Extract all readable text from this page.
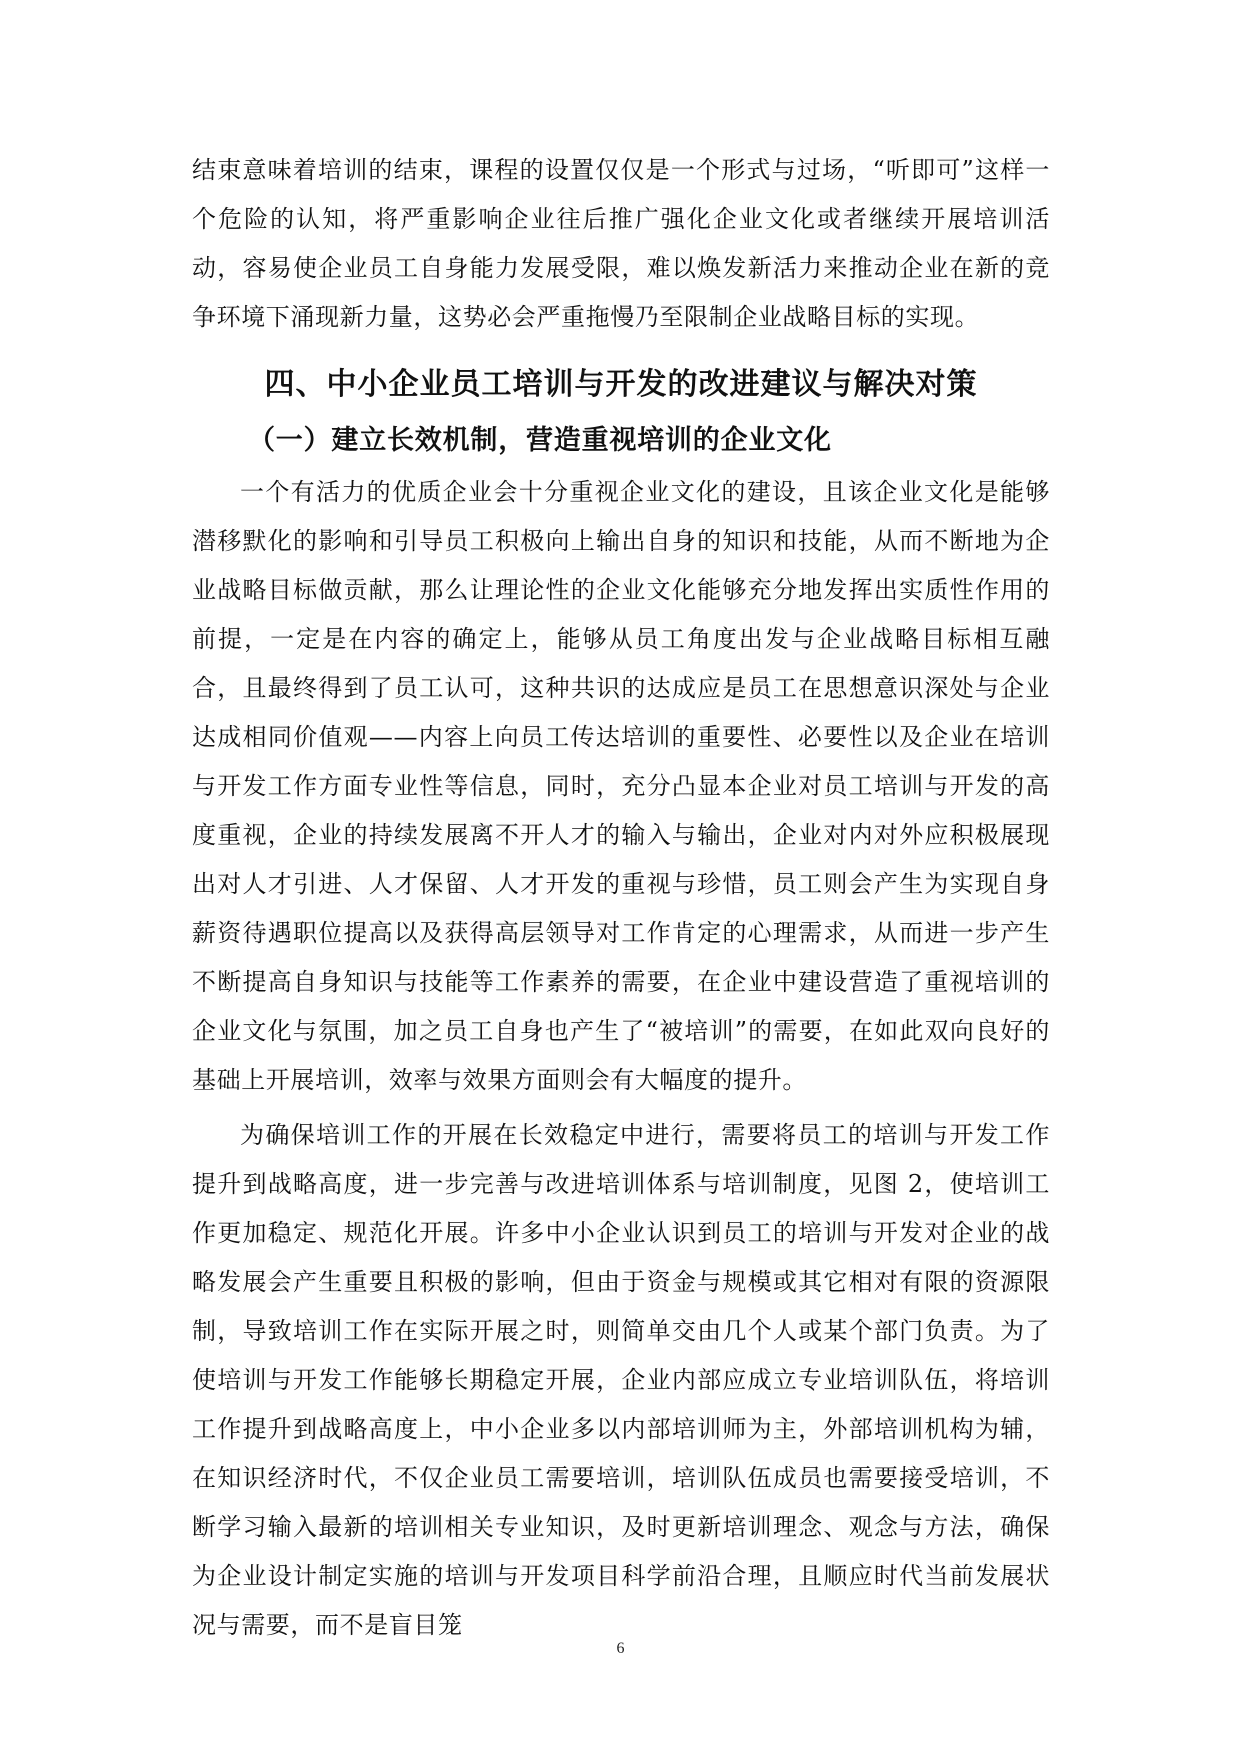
结束意味着培训的结束，课程的设置仅仅是一个形式与过场，“听即可”这样一个危险的认知，将严重影响企业往后推广强化企业文化或者继续开展培训活动，容易使企业员工自身能力发展受限，难以焕发新活力来推动企业在新的竞争环境下涌现新力量，这势必会严重拖慢乃至限制企业战略目标的实现。

四、中小企业员工培训与开发的改进建议与解决对策
（一）建立长效机制，营造重视培训的企业文化

一个有活力的优质企业会十分重视企业文化的建设，且该企业文化是能够潜移默化的影响和引导员工积极向上输出自身的知识和技能，从而不断地为企业战略目标做贡献，那么让理论性的企业文化能够充分地发挥出实质性作用的前提，一定是在内容的确定上，能够从员工角度出发与企业战略目标相互融合，且最终得到了员工认可，这种共识的达成应是员工在思想意识深处与企业达成相同价值观——内容上向员工传达培训的重要性、必要性以及企业在培训与开发工作方面专业性等信息，同时，充分凸显本企业对员工培训与开发的高度重视，企业的持续发展离不开人才的输入与输出，企业对内对外应积极展现出对人才引进、人才保留、人才开发的重视与珍惜，员工则会产生为实现自身薪资待遇职位提高以及获得高层领导对工作肯定的心理需求，从而进一步产生不断提高自身知识与技能等工作素养的需要，在企业中建设营造了重视培训的企业文化与氛围，加之员工自身也产生了“被培训”的需要，在如此双向良好的基础上开展培训，效率与效果方面则会有大幅度的提升。

为确保培训工作的开展在长效稳定中进行，需要将员工的培训与开发工作提升到战略高度，进一步完善与改进培训体系与培训制度，见图 2，使培训工作更加稳定、规范化开展。许多中小企业认识到员工的培训与开发对企业的战略发展会产生重要且积极的影响，但由于资金与规模或其它相对有限的资源限制，导致培训工作在实际开展之时，则简单交由几个人或某个部门负责。为了使培训与开发工作能够长期稳定开展，企业内部应成立专业培训队伍，将培训工作提升到战略高度上，中小企业多以内部培训师为主，外部培训机构为辅，在知识经济时代，不仅企业员工需要培训，培训队伍成员也需要接受培训，不断学习输入最新的培训相关专业知识，及时更新培训理念、观念与方法，确保为企业设计制定实施的培训与开发项目科学前沿合理，且顺应时代当前发展状况与需要，而不是盲目笼

6
